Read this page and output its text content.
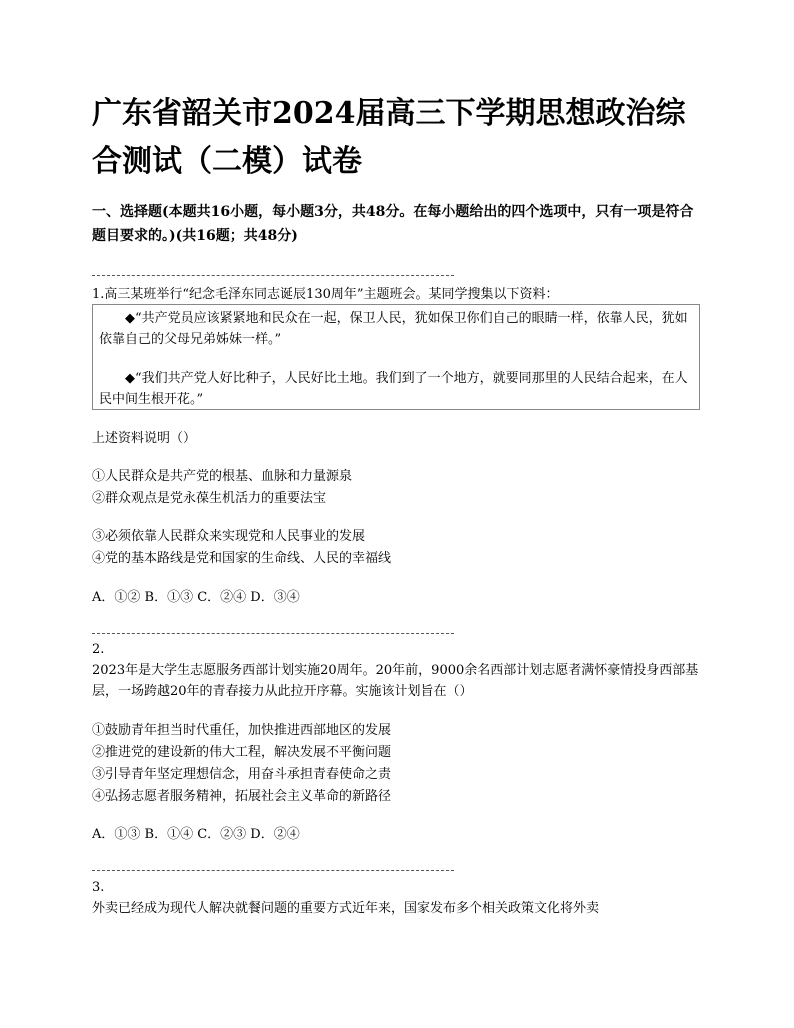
广东省韶关市2024届高三下学期思想政治综合测试（二模）试卷

一、选择题(本题共16小题，每小题3分，共48分。在每小题给出的四个选项中，只有一项是符合题目要求的。)(共16题；共48分)

1.高三某班举行“纪念毛泽东同志诞辰130周年”主题班会。某同学搜集以下资料：

◆“共产党员应该紧紧地和民众在一起，保卫人民，犹如保卫你们自己的眼睛一样，依靠人民，犹如依靠自己的父母兄弟姊妹一样。”

◆“我们共产党人好比种子，人民好比土地。我们到了一个地方，就要同那里的人民结合起来，在人民中间生根开花。”

上述资料说明（）
①人民群众是共产党的根基、血脉和力量源泉
②群众观点是党永葆生机活力的重要法宝
③必须依靠人民群众来实现党和人民事业的发展
④党的基本路线是党和国家的生命线、人民的幸福线
A．①② B．①③ C．②④ D．③④
2.
2023年是大学生志愿服务西部计划实施20周年。20年前，9000余名西部计划志愿者满怀豪情投身西部基层，一场跨越20年的青春接力从此拉开序幕。实施该计划旨在（）
①鼓励青年担当时代重任，加快推进西部地区的发展
②推进党的建设新的伟大工程，解决发展不平衡问题
③引导青年坚定理想信念，用奋斗承担青春使命之责
④弘扬志愿者服务精神，拓展社会主义革命的新路径
A．①③ B．①④ C．②③ D．②④
3.
外卖已经成为现代人解决就餐问题的重要方式近年来，国家发布多个相关政策文化将外卖
